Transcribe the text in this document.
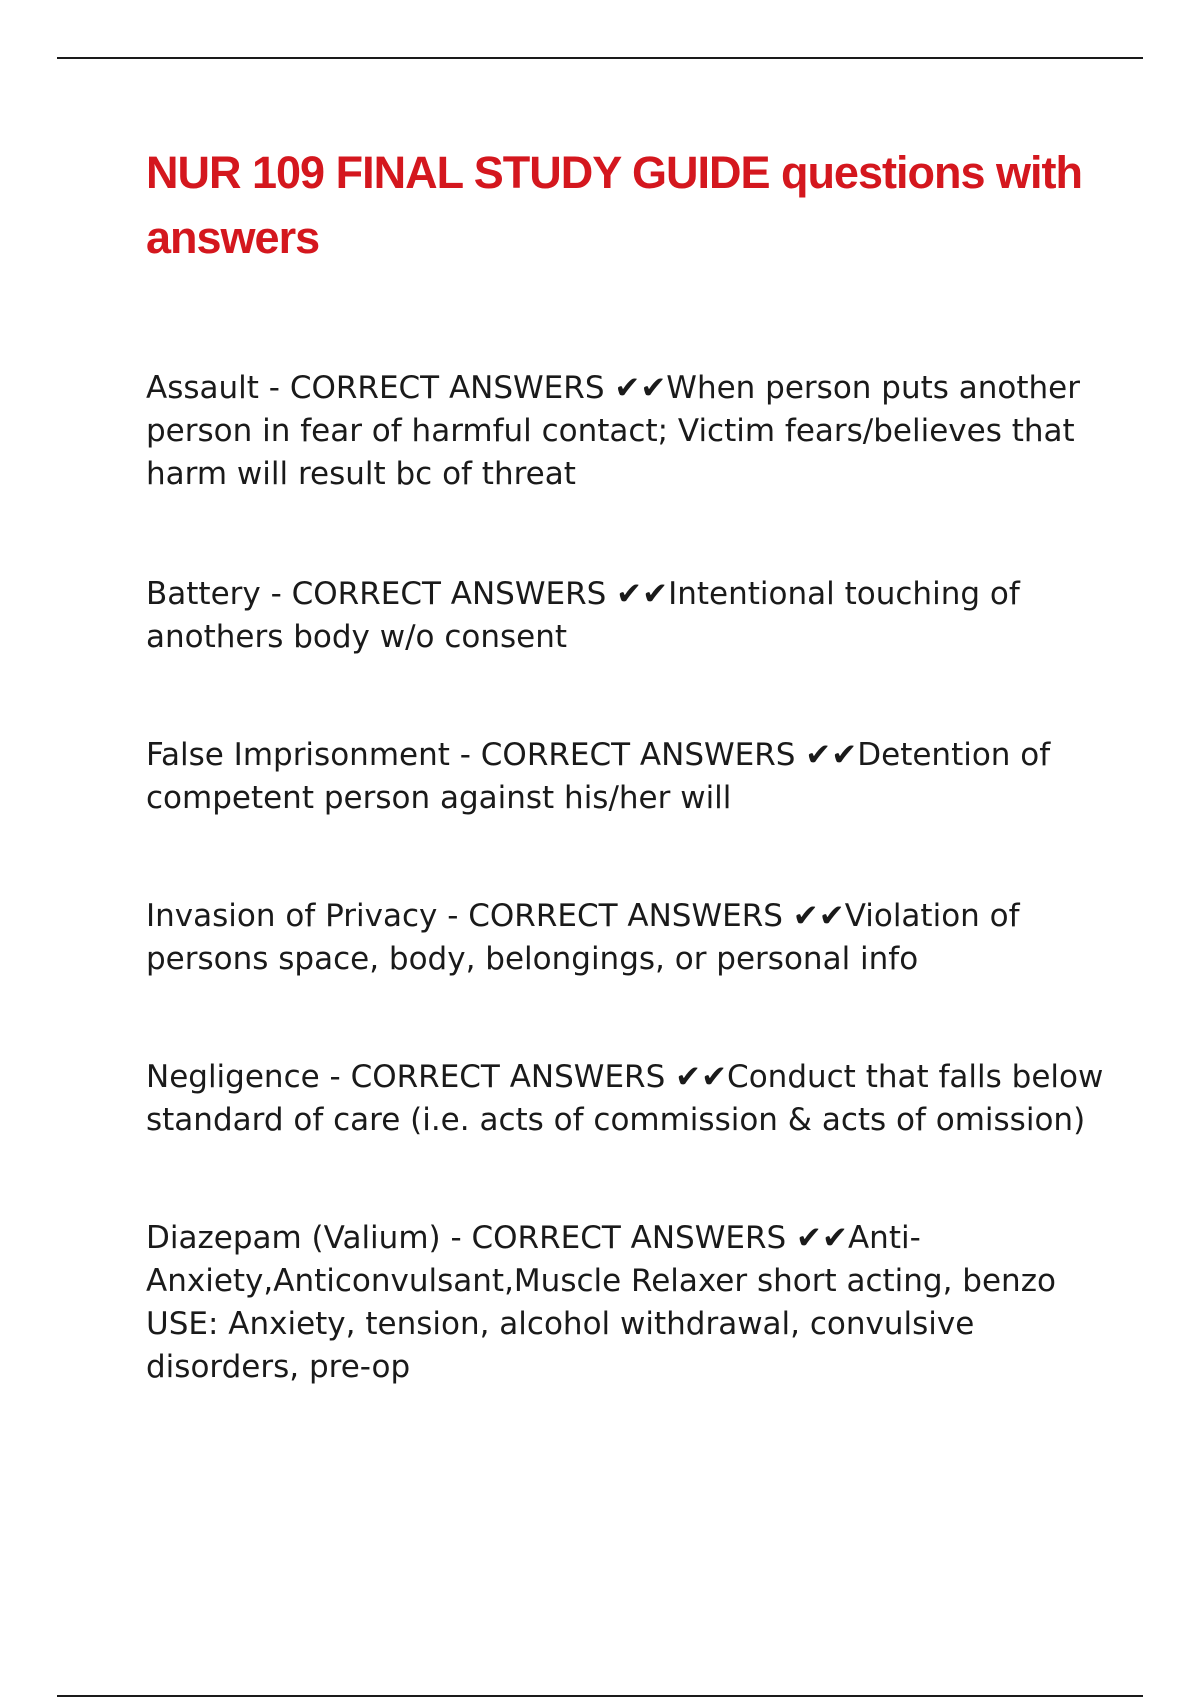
NUR 109 FINAL STUDY GUIDE questions with answers

Assault - CORRECT ANSWERS ✔✔When person puts another person in fear of harmful contact; Victim fears/believes that harm will result bc of threat

Battery - CORRECT ANSWERS ✔✔Intentional touching of anothers body w/o consent

False Imprisonment - CORRECT ANSWERS ✔✔Detention of competent person against his/her will

Invasion of Privacy - CORRECT ANSWERS ✔✔Violation of persons space, body, belongings, or personal info

Negligence - CORRECT ANSWERS ✔✔Conduct that falls below standard of care (i.e. acts of commission & acts of omission)

Diazepam (Valium) - CORRECT ANSWERS ✔✔Anti-Anxiety,Anticonvulsant,Muscle Relaxer short acting, benzo USE: Anxiety, tension, alcohol withdrawal, convulsive disorders, pre-op
